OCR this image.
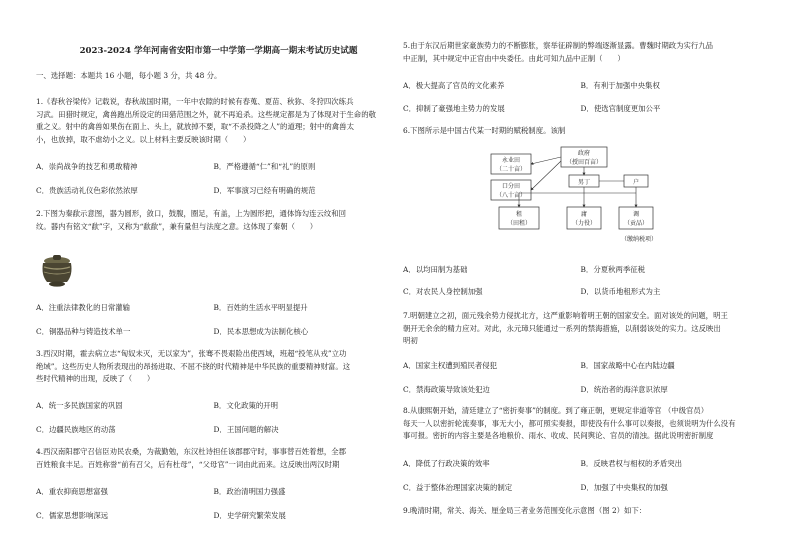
2023-2024 学年河南省安阳市第一中学第一学期高一期末考试历史试题
一、选择题：本题共 16 小题，每小题 3 分，共 48 分。
1.《春秋谷梁传》记载说，春秋战国时期，一年中农隙的时候有春蒐、夏苗、秋狝、冬狩四次练兵
习武。田猎时规定，禽兽跑出所设定的田猎范围之外，就不再追杀。这些规定都是为了体现对于生命的敬
重之义。射中的禽兽如果伤在面上、头上，就放掉不要，取“不杀投降之人”的道理；射中的禽兽太
小，也放掉，取不虐幼小之义。以上材料主要反映该时期（　　）
A．崇尚战争的技艺和勇敢精神	B．严格遵循“仁”和“礼”的原则
C．贵族活动礼仪色彩依然浓厚	D．军事演习已经有明确的规范
2.下图为秦歃示意图，器为圆形，敛口，鼓腹，圈足，有盖，上为圆形把，通体饰勾连云纹和回
纹。器内有铭文“歃”字，又称为“歃歃”，兼有量但与法度之意。这体现了秦朝（　　）
A．注重法律教化的日常灌输	B．百姓的生活水平明显提升
C．铜器品种与铸造技术单一	D．民本思想成为法制化核心
3.西汉时期，霍去病立志“匈奴未灭，无以家为”，张骞不畏艰险出使西域，班超“投笔从戎”立功
绝域”。这些历史人物所表现出的昂扬进取、不屈不挠的时代精神是中华民族的重要精神财富。这
些时代精神的出现，反映了（　　）
A．统一多民族国家的巩固	B．文化政策的开明
C．边疆民族地区的动荡	D．王国问题的解决
4.西汉南阳郡守召信臣劝民农桑，为裁勤勉，东汉杜诗担任该郡郡守时，事事替百姓着想，全郡
百姓粮食丰足。百姓称誉“前有召父，后有杜母”，“父母官”一词由此而来。这反映出两汉时期
A．重农抑商思想富强	B．政治清明国力强盛
C．儒家思想影响深远	D．史学研究繁荣发展
5.由于东汉后期世家豪族势力的不断膨胀，察举征辟制的弊端逐渐显露。曹魏时期政为实行九品
中正制，其中规定中正官由中央委任。由此可知九品中正制（　　）
A．极大提高了官员的文化素养	B．有利于加强中央集权
C．抑制了豪强地主势力的发展	D．使选官制度更加公平
6.下图所示是中国古代某一时期的赋税制度。该制
政府
（授田百亩）
永业田
（二十亩）
口分田
（八十亩）
男丁	户
租
（田租）
庸
（力役）
调
（贡品）
（缴纳税项）
A．以均田制为基础	B．分夏秋两季征税
C．对农民人身控制加强	D．以货币地租形式为主
7.明朝建立之初，面元残余势力侵扰北方，这严重影响着明王朝的国家安全。面对该处的问题，明王
朝开无余余的精力应对。对此，永元璋只能通过一系列的禁海措施，以削弱该处的实力。这反映出
明初
A．国家主权遭到殖民者侵犯	B．国家战略中心在内陆边疆
C．禁海政策导致该处犯边	D．统治者的海洋意识浓厚
8.从康熙朝开始，清廷建立了“密折奏事”的制度。到了雍正朝，更规定非道等官 （中级官员）
每天一人以密折轮流奏事，事无大小，都可照实奏报，即使没有什么事可以奏报，也须说明为什么没有
事可报。密折的内容主要是各地粮价、雨水、收成、民间舆论、官员的清浊。据此说明密折制度
A．降低了行政决策的效率	B．反映君权与相权的矛盾突出
C．益于整体治理国家决策的制定	D．加强了中央集权的加强
9.晚清时期，常关、海关、厘金局三者业务范围变化示意图（图 2）如下：
